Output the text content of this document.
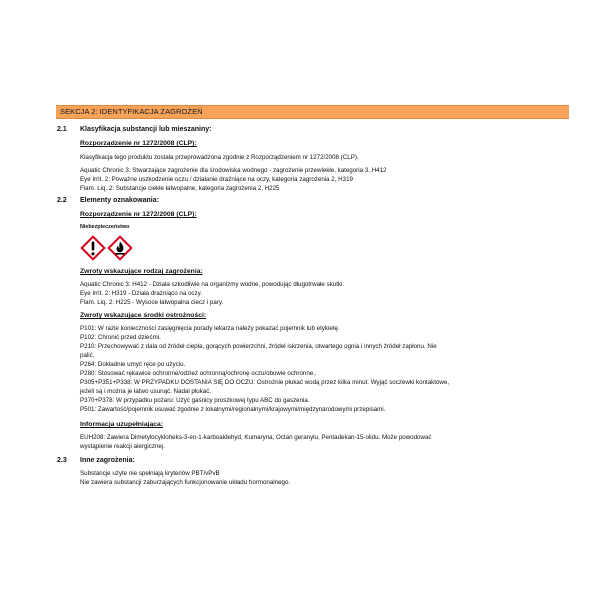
SEKCJA 2: IDENTYFIKACJA ZAGROŻEŃ
2.1 Klasyfikacja substancji lub mieszaniny:
Rozporządzenie nr 1272/2008 (CLP):
Klasyfikacja tego produktu została przeprowadzona zgodnie z Rozporządzeniem nr 1272/2008 (CLP).
Aquatic Chronic 3: Stwarzające zagrożenie dla środowiska wodnego - zagrożenie przewlekłe, kategoria 3, H412
Eye Irrit. 2: Poważne uszkodzenie oczu / działanie drażniące na oczy, kategoria zagrożenia 2, H319
Flam. Liq. 2: Substancje ciekłe łatwopalne, kategoria zagrożenia 2, H225
2.2 Elementy oznakowania:
Rozporządzenie nr 1272/2008 (CLP):
Niebezpieczeństwo
Zwroty wskazujące rodzaj zagrożenia:
Aquatic Chronic 3: H412 - Działa szkodliwie na organizmy wodne, powodując długotrwałe skutki.
Eye Irrit. 2: H319 - Działa drażniąco na oczy.
Flam. Liq. 2: H225 - Wysoce łatwopalna ciecz i pary.
Zwroty wskazujące środki ostrożności:
P101: W razie konieczności zasięgnięcia porady lekarza należy pokazać pojemnik lub etykietę.
P102: Chronić przed dziećmi.
P210: Przechowywać z dala od źródeł ciepła, gorących powierzchni, źródeł iskrzenia, otwartego ognia i innych źródeł zapłonu. Nie
palić.
P264: Dokładnie umyć ręce po użyciu.
P280: Stosować rękawice ochronne/odzież ochronną/ochronę oczu/obuwie ochronne..
P305+P351+P338: W PRZYPADKU DOSTANIA SIĘ DO OCZU: Ostrożnie płukać wodą przez kilka minut. Wyjąć soczewki kontaktowe,
jeżeli są i można je łatwo usunąć. Nadal płukać.
P370+P378: W przypadku pożaru: Użyć gaśnicy proszkowej typu ABC do gaszenia.
P501: Zawartość/pojemnik usuwać zgodnie z lokalnymi/regionalnymi/krajowymi/międzynarodowymi przepisami.
Informacja uzupełniająca:
EUH208: Zawiera Dimetylocykloheks-3-en-1-karboaldehyd, Kumaryna, Octan geranylu, Pentadekan-15-olidu. Może powodować
wystąpienie reakcji alergicznej.
2.3 Inne zagrożenia:
Substancje użyte nie spełniają kryteriów PBT/vPvB
Nie zawiera substancji zaburzających funkcjonowanie układu hormonalnego.
